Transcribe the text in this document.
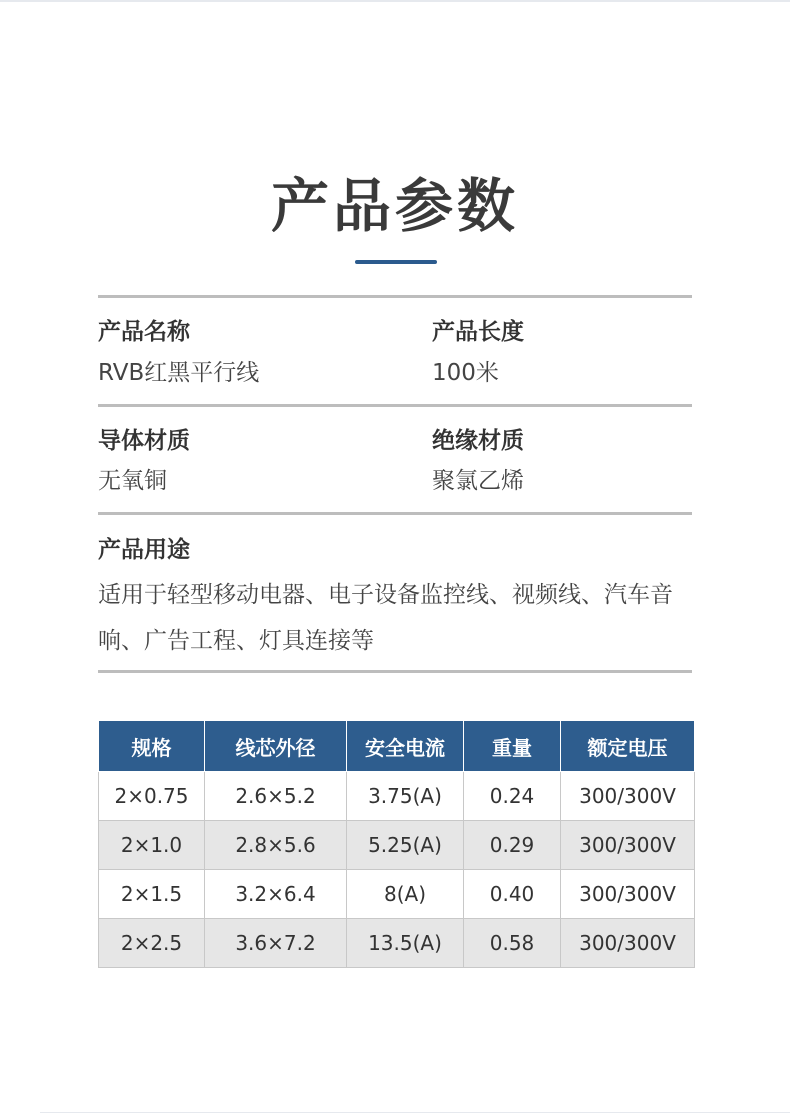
产品参数
产品名称
RVB红黑平行线
产品长度
100米
导体材质
无氧铜
绝缘材质
聚氯乙烯
产品用途
适用于轻型移动电器、电子设备监控线、视频线、汽车音响、广告工程、灯具连接等
规格	线芯外径	安全电流	重量	额定电压
2×0.75	2.6×5.2	3.75(A)	0.24	300/300V
2×1.0	2.8×5.6	5.25(A)	0.29	300/300V
2×1.5	3.2×6.4	8(A)	0.40	300/300V
2×2.5	3.6×7.2	13.5(A)	0.58	300/300V
